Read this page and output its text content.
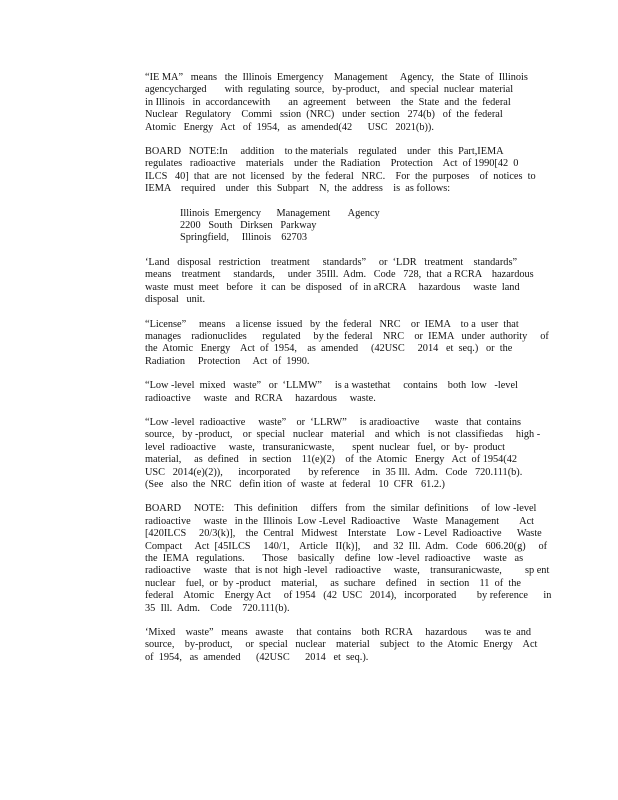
“IE MA”   means   the  Illinois  Emergency    Management     Agency,   the  State  of  Illinois
agencycharged       with  regulating  source,   by-product,    and  special  nuclear  material
in Illinois   in  accordancewith       an  agreement    between    the  State  and  the  federal
Nuclear   Regulatory    Commi   ssion  (NRC)   under  section   274(b)   of  the  federal
Atomic   Energy   Act   of  1954,   as  amended(42      USC   2021(b)).

BOARD   NOTE:In     addition    to the materials    regulated    under   this  Part,IEMA
regulates   radioactive    materials    under  the  Radiation    Protection    Act  of 1990[42  0
ILCS   40]  that  are  not  licensed   by  the  federal   NRC.    For  the  purposes    of  notices  to
IEMA    required    under   this  Subpart    N,  the  address    is  as follows:

Illinois  Emergency      Management       Agency
2200   South   Dirksen   Parkway
Springfield,     Illinois    62703

‘Land   disposal   restriction    treatment     standards”     or  ‘LDR   treatment    standards”
means    treatment     standards,     under  35Ill.  Adm.   Code   728,  that  a RCRA    hazardous
waste  must  meet   before   it  can  be  disposed   of  in aRCRA     hazardous     waste  land
disposal   unit.

“License”     means    a license  issued   by  the  federal   NRC    or  IEMA    to a  user  that
manages    radionuclides      regulated     by the  federal    NRC    or  IEMA   under  authority     of
the  Atomic   Energy    Act  of  1954,    as  amended     (42USC     2014   et  seq.)   or  the
Radiation     Protection     Act  of  1990.

“Low -level  mixed   waste”   or  ‘LLMW”     is a wastethat     contains    both  low   -level
radioactive     waste   and  RCRA     hazardous     waste.

“Low -level  radioactive     waste”    or  ‘LLRW”     is aradioactive      waste   that  contains
source,   by -product,    or  special   nuclear   material    and  which   is not  classifiedas     high -
level  radioactive     waste,   transuranicwaste,       spent  nuclear   fuel,  or  by-  product
material,     as  defined    in  section    11(e)(2)    of  the  Atomic   Energy   Act  of 1954(42
USC   2014(e)(2)),      incorporated       by reference     in  35 Ill.  Adm.   Code   720.111(b).
(See   also  the  NRC   defin ition  of  waste  at  federal   10  CFR   61.2.)

BOARD     NOTE:    This  definition     differs   from   the  similar  definitions     of  low -level
radioactive     waste   in the  Illinois  Low -Level  Radioactive     Waste   Management        Act
[420ILCS     20/3(k)],    the  Central   Midwest    Interstate    Low - Level  Radioactive      Waste
Compact     Act  [45ILCS     140/1,    Article   II(k)],     and  32  Ill.  Adm.   Code   606.20(g)     of
the  IEMA   regulations.       Those    basically    define   low -level  radioactive     waste   as
radioactive     waste   that  is not  high -level   radioactive     waste,    transuranicwaste,         sp ent
nuclear    fuel,  or  by -product    material,     as  suchare    defined    in  section    11  of  the
federal    Atomic    Energy Act     of 1954   (42  USC   2014),   incorporated        by reference      in
35  Ill.  Adm.    Code    720.111(b).

‘Mixed    waste”   means   awaste     that  contains    both  RCRA     hazardous       was te  and
source,    by-product,     or  special   nuclear    material    subject   to  the  Atomic  Energy    Act
of  1954,   as  amended      (42USC      2014   et  seq.).
